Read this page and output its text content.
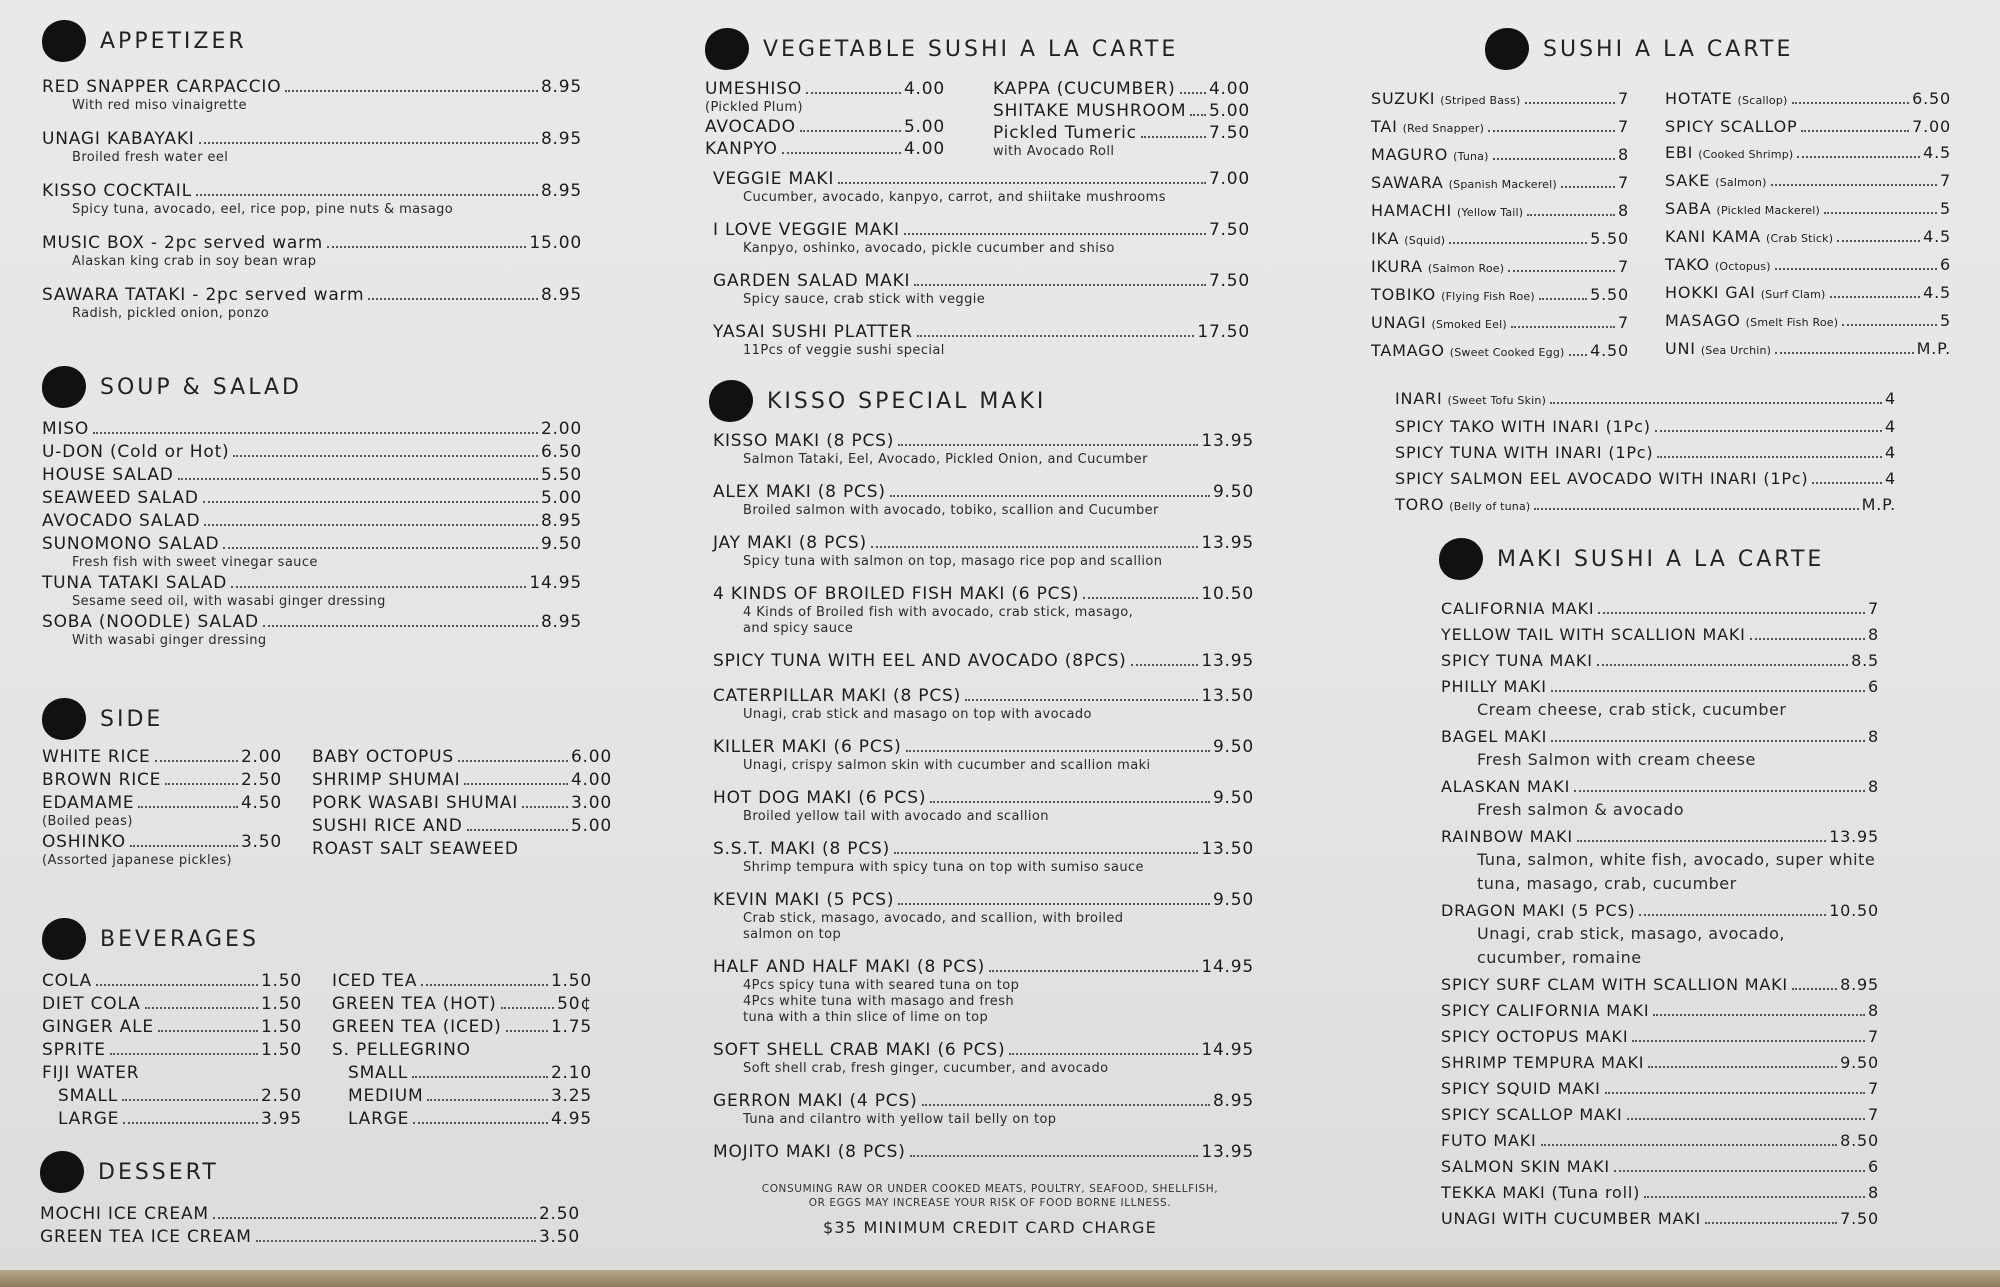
APPETIZER
RED SNAPPER CARPACCIO	8.95
With red miso vinaigrette
UNAGI KABAYAKI	8.95
Broiled fresh water eel
KISSO COCKTAIL	8.95
Spicy tuna, avocado, eel, rice pop, pine nuts & masago
MUSIC BOX - 2pc served warm	15.00
Alaskan king crab in soy bean wrap
SAWARA TATAKI - 2pc served warm	8.95
Radish, pickled onion, ponzo
SOUP & SALAD
MISO	2.00
U-DON (Cold or Hot)	6.50
HOUSE SALAD	5.50
SEAWEED SALAD	5.00
AVOCADO SALAD	8.95
SUNOMONO SALAD	9.50
Fresh fish with sweet vinegar sauce
TUNA TATAKI SALAD	14.95
Sesame seed oil, with wasabi ginger dressing
SOBA (NOODLE) SALAD	8.95
With wasabi ginger dressing
SIDE
WHITE RICE	2.00
BROWN RICE	2.50
EDAMAME	4.50
(Boiled peas)
OSHINKO	3.50
(Assorted japanese pickles)
BABY OCTOPUS	6.00
SHRIMP SHUMAI	4.00
PORK WASABI SHUMAI	3.00
SUSHI RICE AND	5.00
ROAST SALT SEAWEED
BEVERAGES
COLA	1.50
DIET COLA	1.50
GINGER ALE	1.50
SPRITE	1.50
FIJI WATER
SMALL	2.50
LARGE	3.95
ICED TEA	1.50
GREEN TEA (HOT)	50¢
GREEN TEA (ICED)	1.75
S. PELLEGRINO
SMALL	2.10
MEDIUM	3.25
LARGE	4.95
DESSERT
MOCHI ICE CREAM	2.50
GREEN TEA ICE CREAM	3.50
VEGETABLE SUSHI A LA CARTE
UMESHISO	4.00
(Pickled Plum)
AVOCADO	5.00
KANPYO	4.00
KAPPA (CUCUMBER) 4.00
SHITAKE MUSHROOM 5.00
Pickled Tumeric	7.50
with Avocado Roll
VEGGIE MAKI	7.00
Cucumber, avocado, kanpyo, carrot, and shiitake mushrooms
I LOVE VEGGIE MAKI	7.50
Kanpyo, oshinko, avocado, pickle cucumber and shiso
GARDEN SALAD MAKI	7.50
Spicy sauce, crab stick with veggie
YASAI SUSHI PLATTER	17.50
11Pcs of veggie sushi special
KISSO SPECIAL MAKI
KISSO MAKI (8 PCS)	13.95
Salmon Tataki, Eel, Avocado, Pickled Onion, and Cucumber
ALEX MAKI (8 PCS)	9.50
Broiled salmon with avocado, tobiko, scallion and Cucumber
JAY MAKI (8 PCS)	13.95
Spicy tuna with salmon on top, masago rice pop and scallion
4 KINDS OF BROILED FISH MAKI (6 PCS)	10.50
4 Kinds of Broiled fish with avocado, crab stick, masago,
and spicy sauce
SPICY TUNA WITH EEL AND AVOCADO (8PCS)	13.95
CATERPILLAR MAKI (8 PCS)	13.50
Unagi, crab stick and masago on top with avocado
KILLER MAKI (6 PCS)	9.50
Unagi, crispy salmon skin with cucumber and scallion maki
HOT DOG MAKI (6 PCS)	9.50
Broiled yellow tail with avocado and scallion
S.S.T. MAKI (8 PCS)	13.50
Shrimp tempura with spicy tuna on top with sumiso sauce
KEVIN MAKI (5 PCS)	9.50
Crab stick, masago, avocado, and scallion, with broiled
salmon on top
HALF AND HALF MAKI (8 PCS)	14.95
4Pcs spicy tuna with seared tuna on top
4Pcs white tuna with masago and fresh
tuna with a thin slice of lime on top
SOFT SHELL CRAB MAKI (6 PCS)	14.95
Soft shell crab, fresh ginger, cucumber, and avocado
GERRON MAKI (4 PCS)	8.95
Tuna and cilantro with yellow tail belly on top
MOJITO MAKI (8 PCS)	13.95
CONSUMING RAW OR UNDER COOKED MEATS, POULTRY, SEAFOOD, SHELLFISH,
OR EGGS MAY INCREASE YOUR RISK OF FOOD BORNE ILLNESS.
$35 MINIMUM CREDIT CARD CHARGE
SUSHI A LA CARTE
SUZUKI (Striped Bass)	7
TAI (Red Snapper)	7
MAGURO (Tuna)	8
SAWARA (Spanish Mackerel)	7
HAMACHI (Yellow Tail)	8
IKA (Squid)	5.50
IKURA (Salmon Roe)	7
TOBIKO (Flying Fish Roe)	5.50
UNAGI (Smoked Eel)	7
TAMAGO (Sweet Cooked Egg) 4.50
HOTATE (Scallop)	6.50
SPICY SCALLOP	7.00
EBI (Cooked Shrimp)	4.5
SAKE (Salmon)	7
SABA (Pickled Mackerel)	5
KANI KAMA (Crab Stick)	4.5
TAKO (Octopus)	6
HOKKI GAI (Surf Clam)	4.5
MASAGO (Smelt Fish Roe)	5
UNI (Sea Urchin)	M.P.
INARI (Sweet Tofu Skin)	4
SPICY TAKO WITH INARI (1Pc)	4
SPICY TUNA WITH INARI (1Pc)	4
SPICY SALMON EEL AVOCADO WITH INARI (1Pc)	4
TORO (Belly of tuna)	M.P.
MAKI SUSHI A LA CARTE
CALIFORNIA MAKI	7
YELLOW TAIL WITH SCALLION MAKI	8
SPICY TUNA MAKI	8.5
PHILLY MAKI	6
Cream cheese, crab stick, cucumber
BAGEL MAKI	8
Fresh Salmon with cream cheese
ALASKAN MAKI	8
Fresh salmon & avocado
RAINBOW MAKI	13.95
Tuna, salmon, white fish, avocado, super white
tuna, masago, crab, cucumber
DRAGON MAKI (5 PCS)	10.50
Unagi, crab stick, masago, avocado,
cucumber, romaine
SPICY SURF CLAM WITH SCALLION MAKI	8.95
SPICY CALIFORNIA MAKI	8
SPICY OCTOPUS MAKI	7
SHRIMP TEMPURA MAKI	9.50
SPICY SQUID MAKI	7
SPICY SCALLOP MAKI	7
FUTO MAKI	8.50
SALMON SKIN MAKI	6
TEKKA MAKI (Tuna roll)	8
UNAGI WITH CUCUMBER MAKI	7.50
